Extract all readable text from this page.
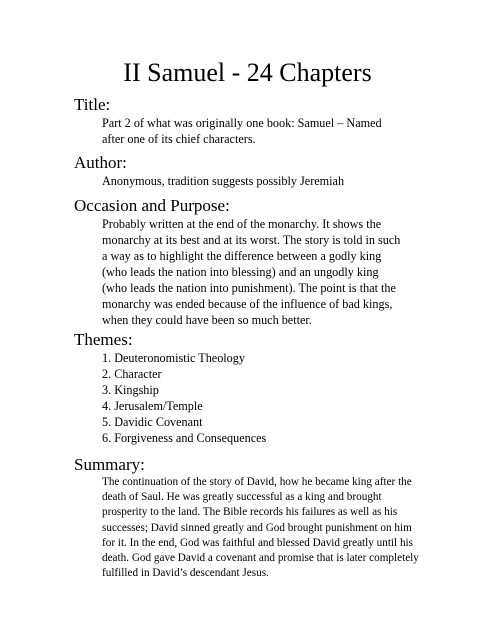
II Samuel - 24 Chapters
Title:
Part 2 of what was originally one book: Samuel – Named
after one of its chief characters.
Author:
Anonymous, tradition suggests possibly Jeremiah
Occasion and Purpose:
Probably written at the end of the monarchy. It shows the
monarchy at its best and at its worst. The story is told in such
a way as to highlight the difference between a godly king
(who leads the nation into blessing) and an ungodly king
(who leads the nation into punishment). The point is that the
monarchy was ended because of the influence of bad kings,
when they could have been so much better.
Themes:
1. Deuteronomistic Theology
2. Character
3. Kingship
4. Jerusalem/Temple
5. Davidic Covenant
6. Forgiveness and Consequences
Summary:
The continuation of the story of David, how he became king after the
death of Saul. He was greatly successful as a king and brought
prosperity to the land. The Bible records his failures as well as his
successes; David sinned greatly and God brought punishment on him
for it. In the end, God was faithful and blessed David greatly until his
death. God gave David a covenant and promise that is later completely
fulfilled in David’s descendant Jesus.
